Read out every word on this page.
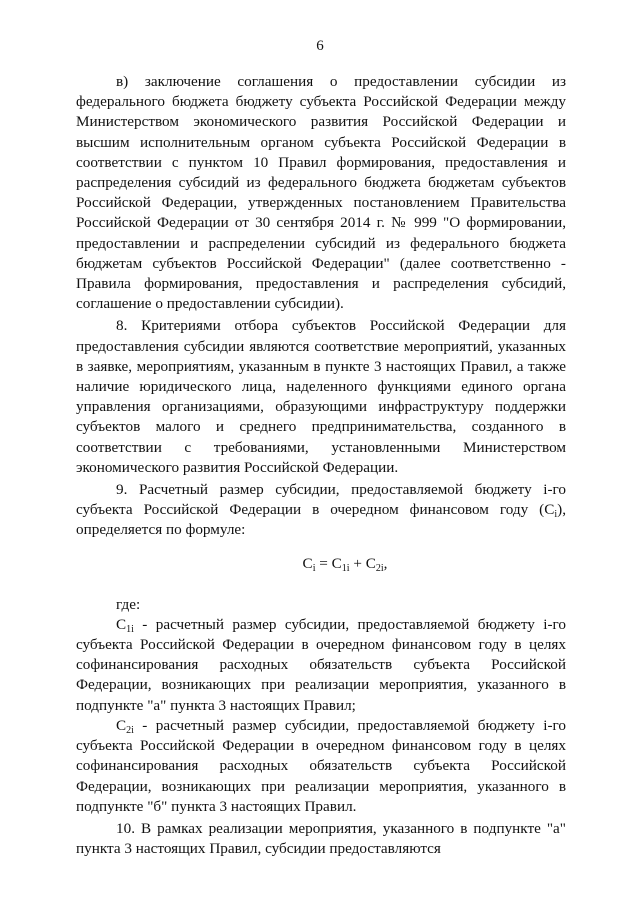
6

в) заключение соглашения о предоставлении субсидии из федерального бюджета бюджету субъекта Российской Федерации между Министерством экономического развития Российской Федерации и высшим исполнительным органом субъекта Российской Федерации в соответствии с пунктом 10 Правил формирования, предоставления и распределения субсидий из федерального бюджета бюджетам субъектов Российской Федерации, утвержденных постановлением Правительства Российской Федерации от 30 сентября 2014 г. № 999 "О формировании, предоставлении и распределении субсидий из федерального бюджета бюджетам субъектов Российской Федерации" (далее соответственно - Правила формирования, предоставления и распределения субсидий, соглашение о предоставлении субсидии).

8. Критериями отбора субъектов Российской Федерации для предоставления субсидии являются соответствие мероприятий, указанных в заявке, мероприятиям, указанным в пункте 3 настоящих Правил, а также наличие юридического лица, наделенного функциями единого органа управления организациями, образующими инфраструктуру поддержки субъектов малого и среднего предпринимательства, созданного в соответствии с требованиями, установленными Министерством экономического развития Российской Федерации.

9. Расчетный размер субсидии, предоставляемой бюджету i-го субъекта Российской Федерации в очередном финансовом году $(C_i)$, определяется по формуле:

$C_i = C_{1i} + C_{2i}$,

где:

$C_{1i}$ - расчетный размер субсидии, предоставляемой бюджету i-го субъекта Российской Федерации в очередном финансовом году в целях софинансирования расходных обязательств субъекта Российской Федерации, возникающих при реализации мероприятия, указанного в подпункте "а" пункта 3 настоящих Правил;

$C_{2i}$ - расчетный размер субсидии, предоставляемой бюджету i-го субъекта Российской Федерации в очередном финансовом году в целях софинансирования расходных обязательств субъекта Российской Федерации, возникающих при реализации мероприятия, указанного в подпункте "б" пункта 3 настоящих Правил.

10. В рамках реализации мероприятия, указанного в подпункте "а" пункта 3 настоящих Правил, субсидии предоставляются
